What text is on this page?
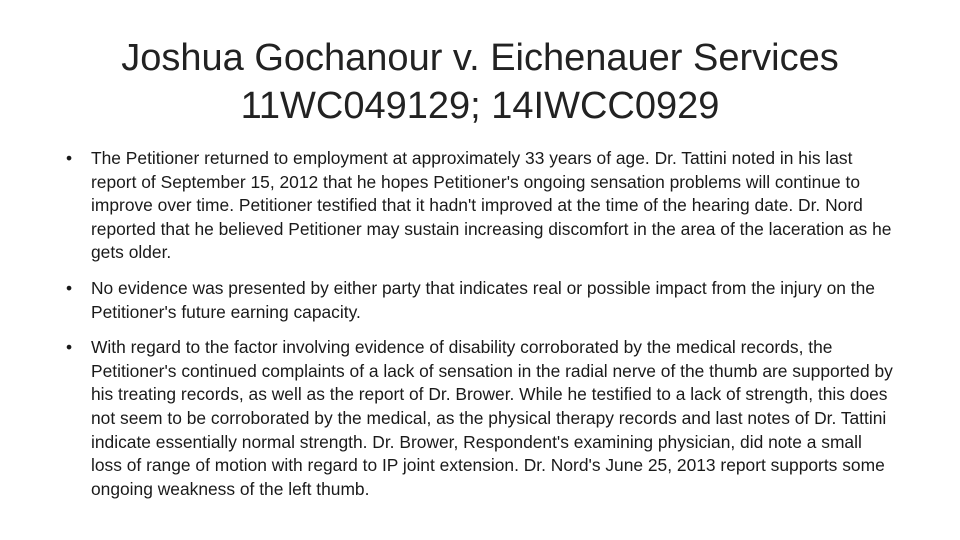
Joshua Gochanour v. Eichenauer Services
11WC049129; 14IWCC0929
•	The Petitioner returned to employment at approximately 33 years of age. Dr. Tattini noted in his last report of September 15, 2012 that he hopes Petitioner's ongoing sensation problems will continue to improve over time. Petitioner testified that it hadn't improved at the time of the hearing date. Dr. Nord reported that he believed Petitioner may sustain increasing discomfort in the area of the laceration as he gets older.
•	No evidence was presented by either party that indicates real or possible impact from the injury on the Petitioner's future earning capacity.
•	With regard to the factor involving evidence of disability corroborated by the medical records, the Petitioner's continued complaints of a lack of sensation in the radial nerve of the thumb are supported by his treating records, as well as the report of Dr. Brower. While he testified to a lack of strength, this does not seem to be corroborated by the medical, as the physical therapy records and last notes of Dr. Tattini indicate essentially normal strength. Dr. Brower, Respondent's examining physician, did note a small loss of range of motion with regard to IP joint extension. Dr. Nord's June 25, 2013 report supports some ongoing weakness of the left thumb.
